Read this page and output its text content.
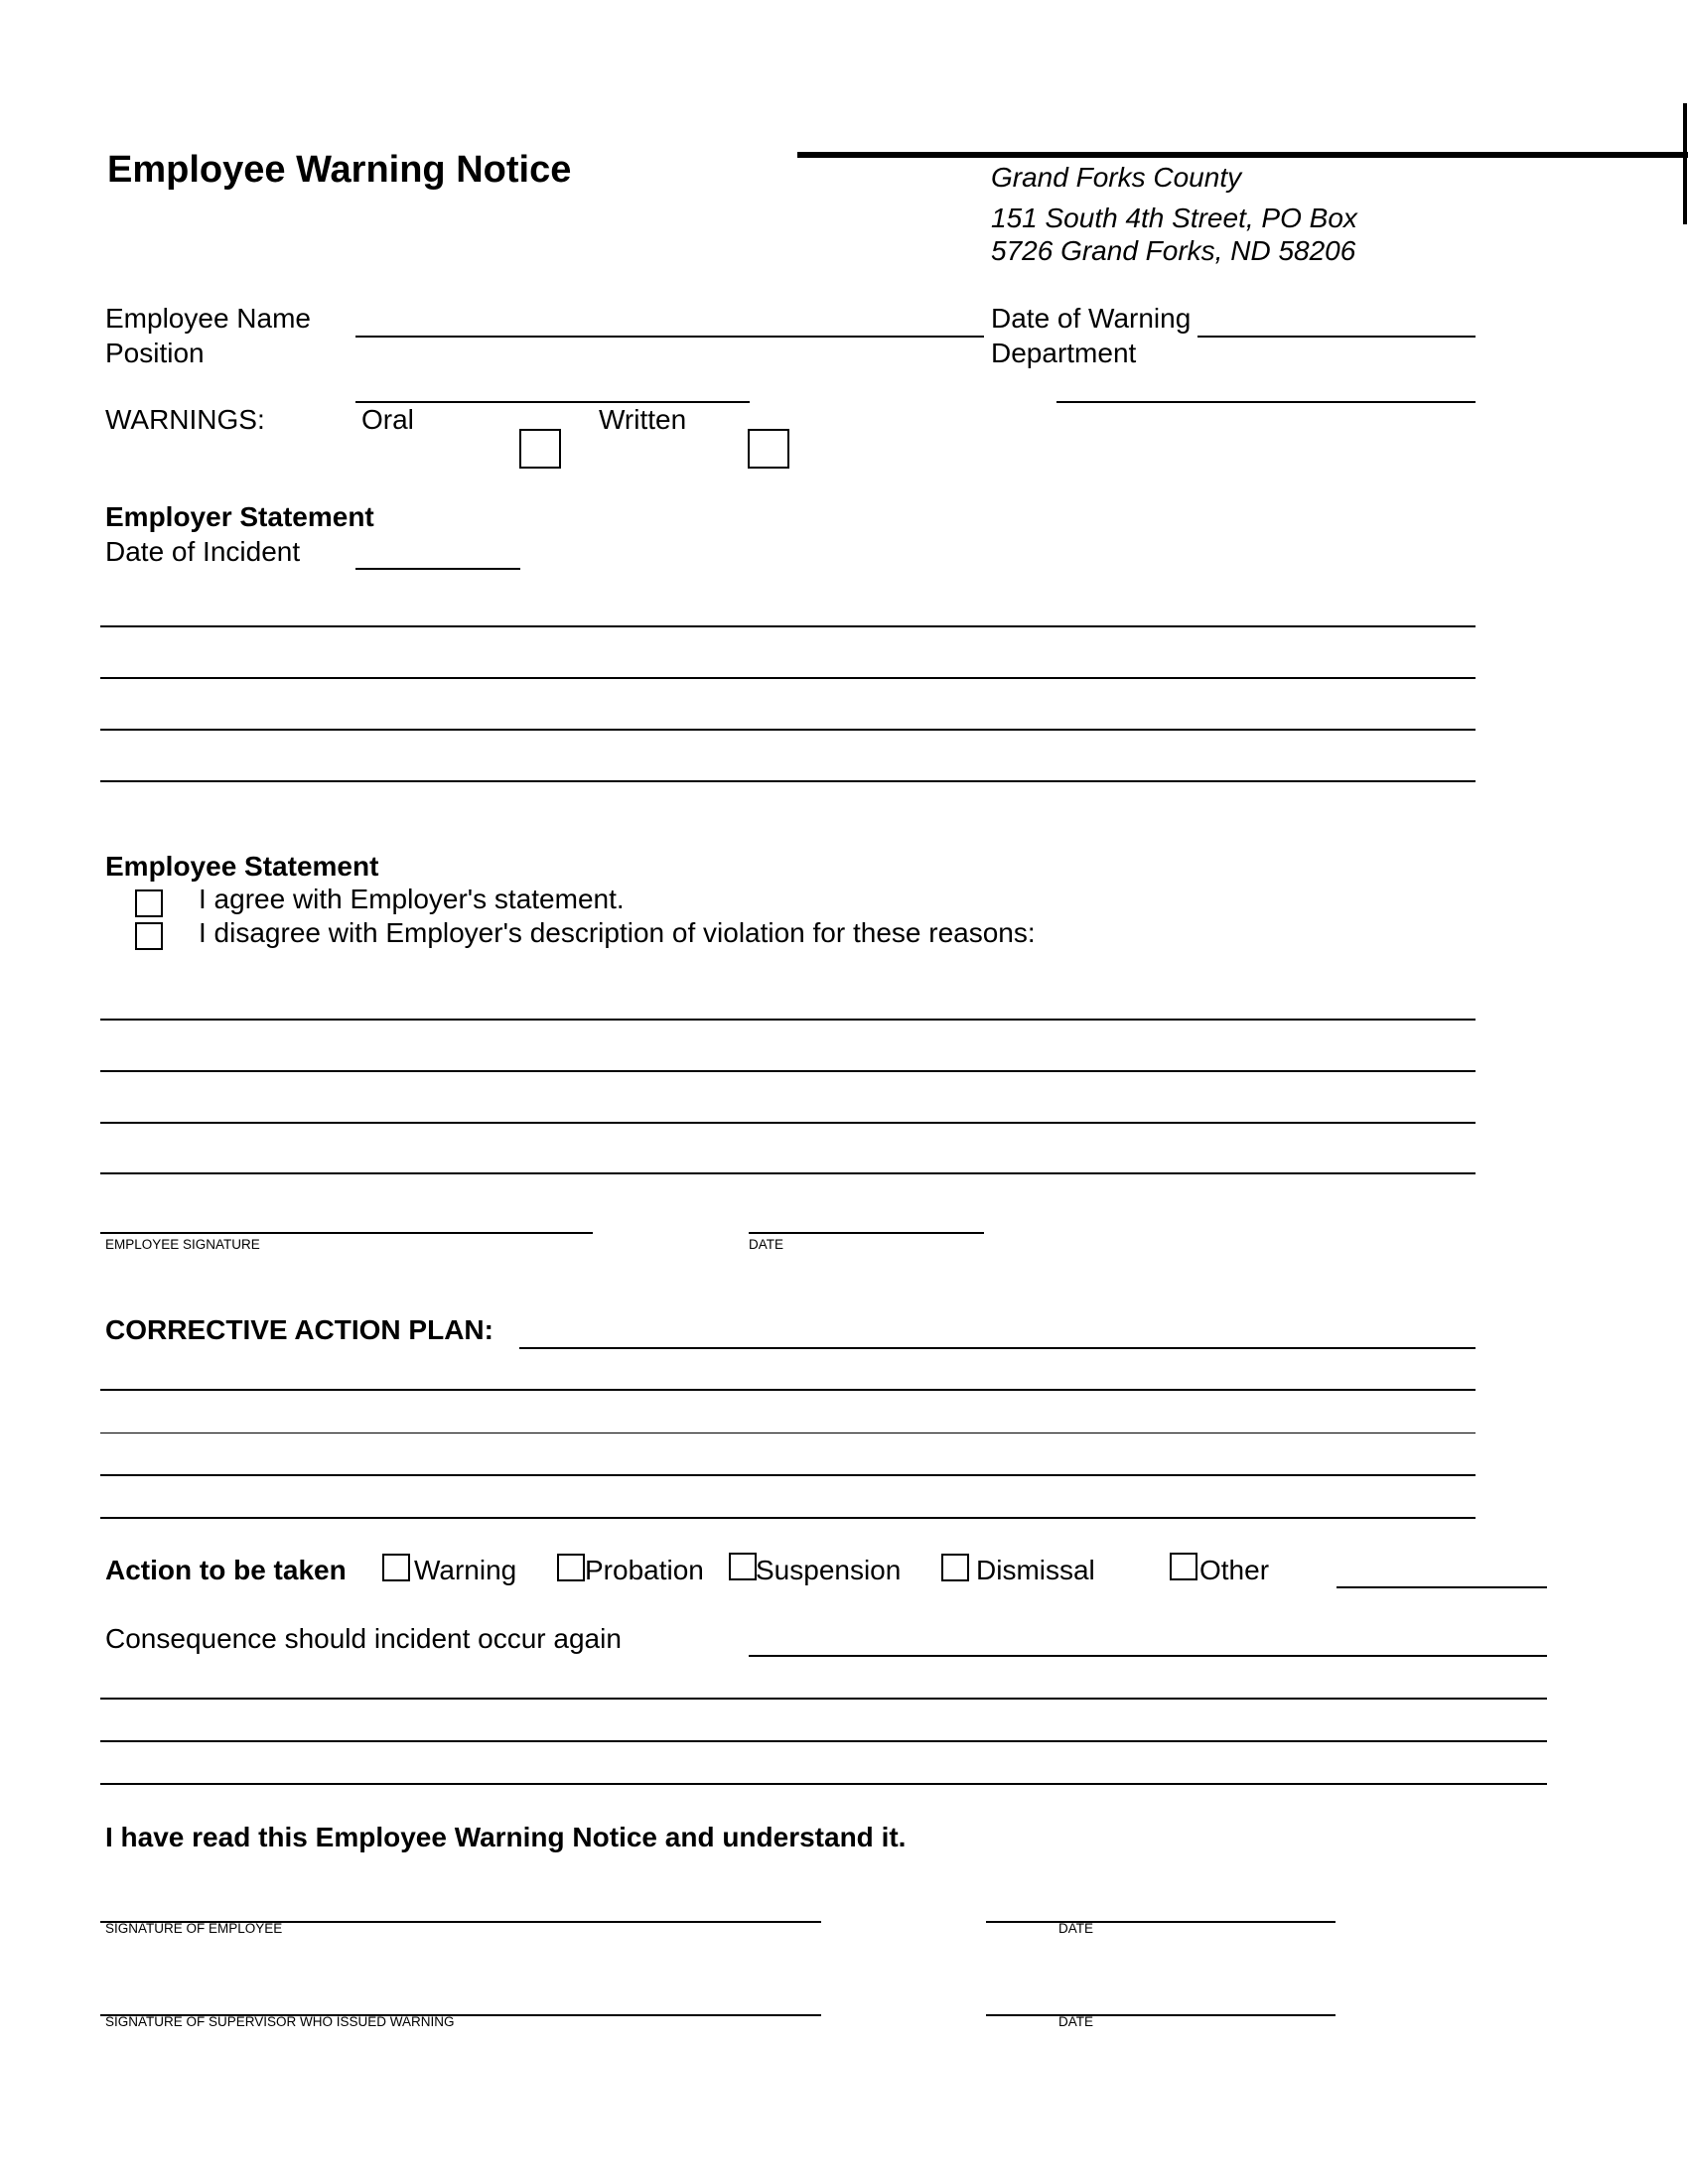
Employee Warning Notice	Grand Forks County
151 South 4th Street, PO Box
5726 Grand Forks, ND 58206
Employee Name
Position
Date of Warning
Department
WARNINGS:	Oral	Written
Employer Statement
Date of Incident
Employee Statement
I agree with Employer's statement.
I disagree with Employer's description of violation for these reasons:
EMPLOYEE SIGNATURE	DATE
CORRECTIVE ACTION PLAN:
Action to be taken Warning Probation Suspension	Dismissal	Other
Consequence should incident occur again
I have read this Employee Warning Notice and understand it.
SIGNATURE OF EMPLOYEE	DATE
SIGNATURE OF SUPERVISOR WHO ISSUED WARNING	DATE
